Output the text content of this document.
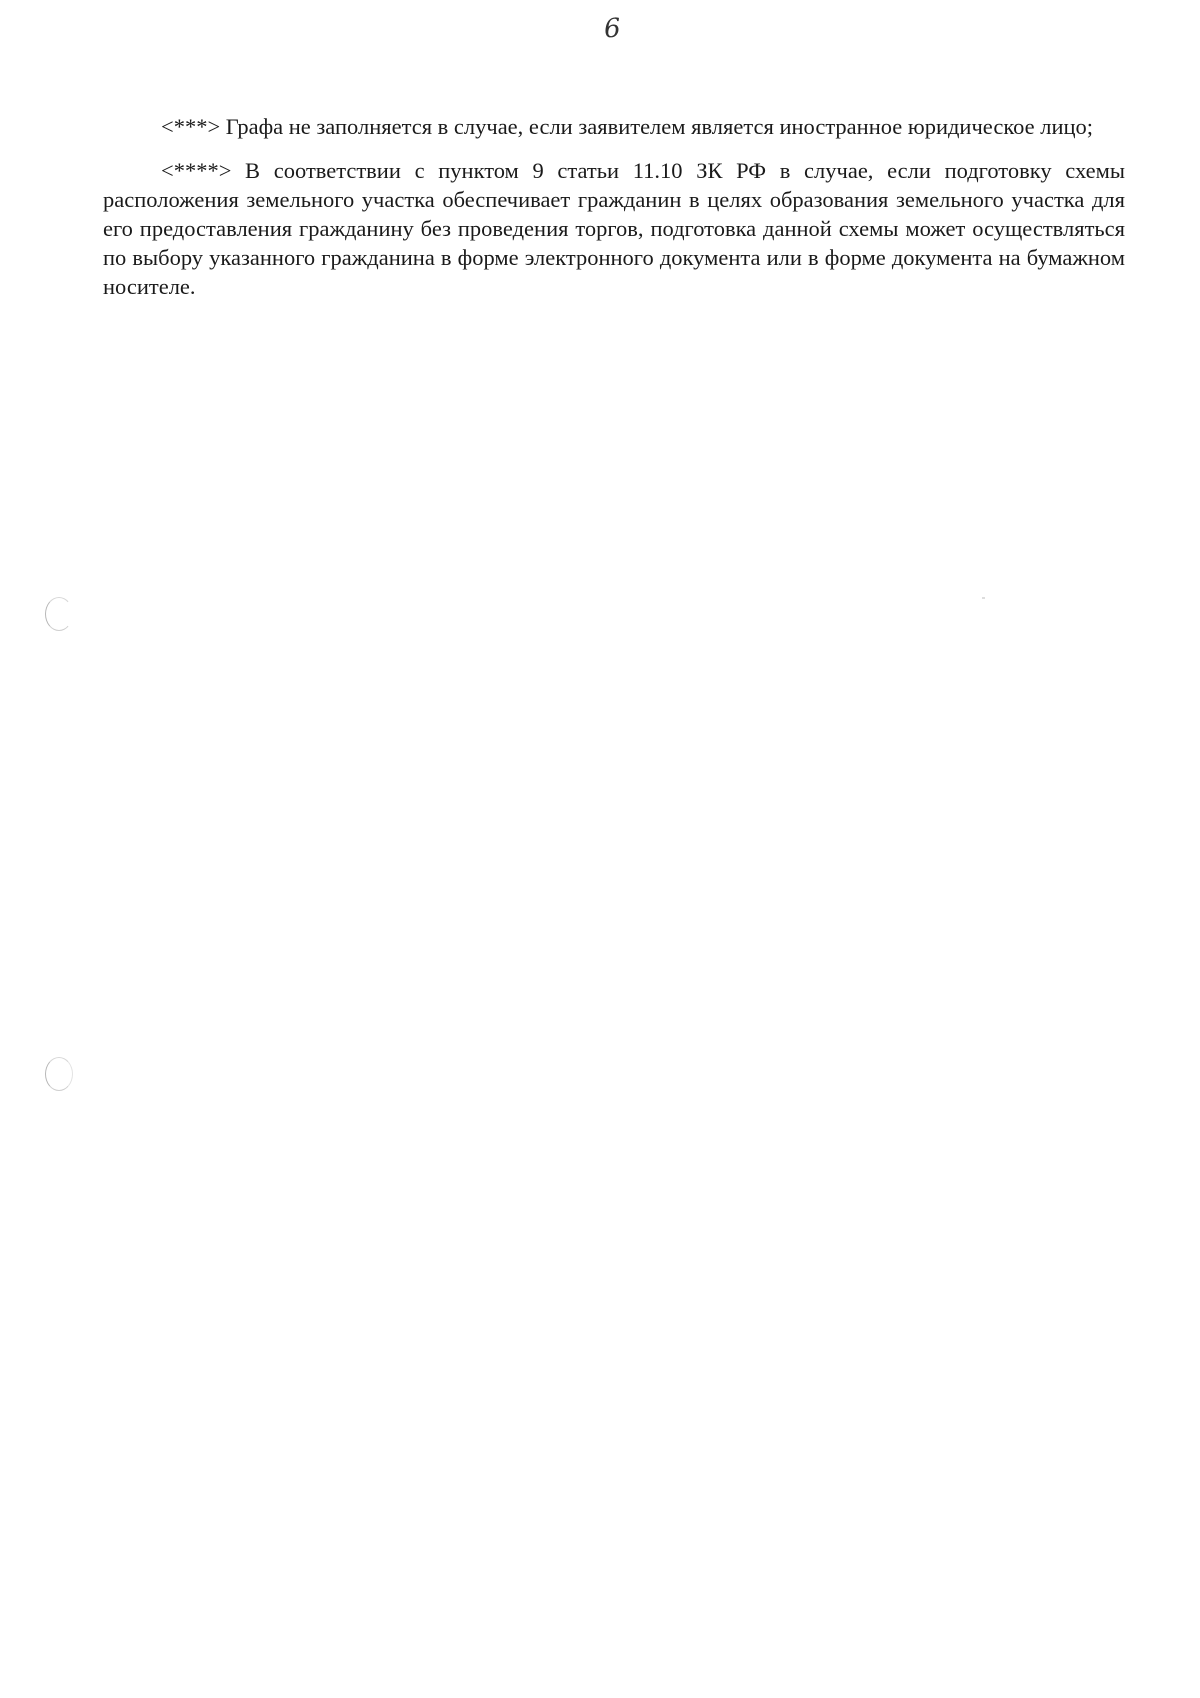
6

<***> Графа не заполняется в случае, если заявителем является иностранное юридическое лицо;

<****> В соответствии с пунктом 9 статьи 11.10 ЗК РФ в случае, если подготовку схемы расположения земельного участка обеспечивает гражданин в целях образования земельного участка для его предоставления гражданину без проведения торгов, подготовка данной схемы может осуществляться по выбору указанного гражданина в форме электронного документа или в форме документа на бумажном носителе.
